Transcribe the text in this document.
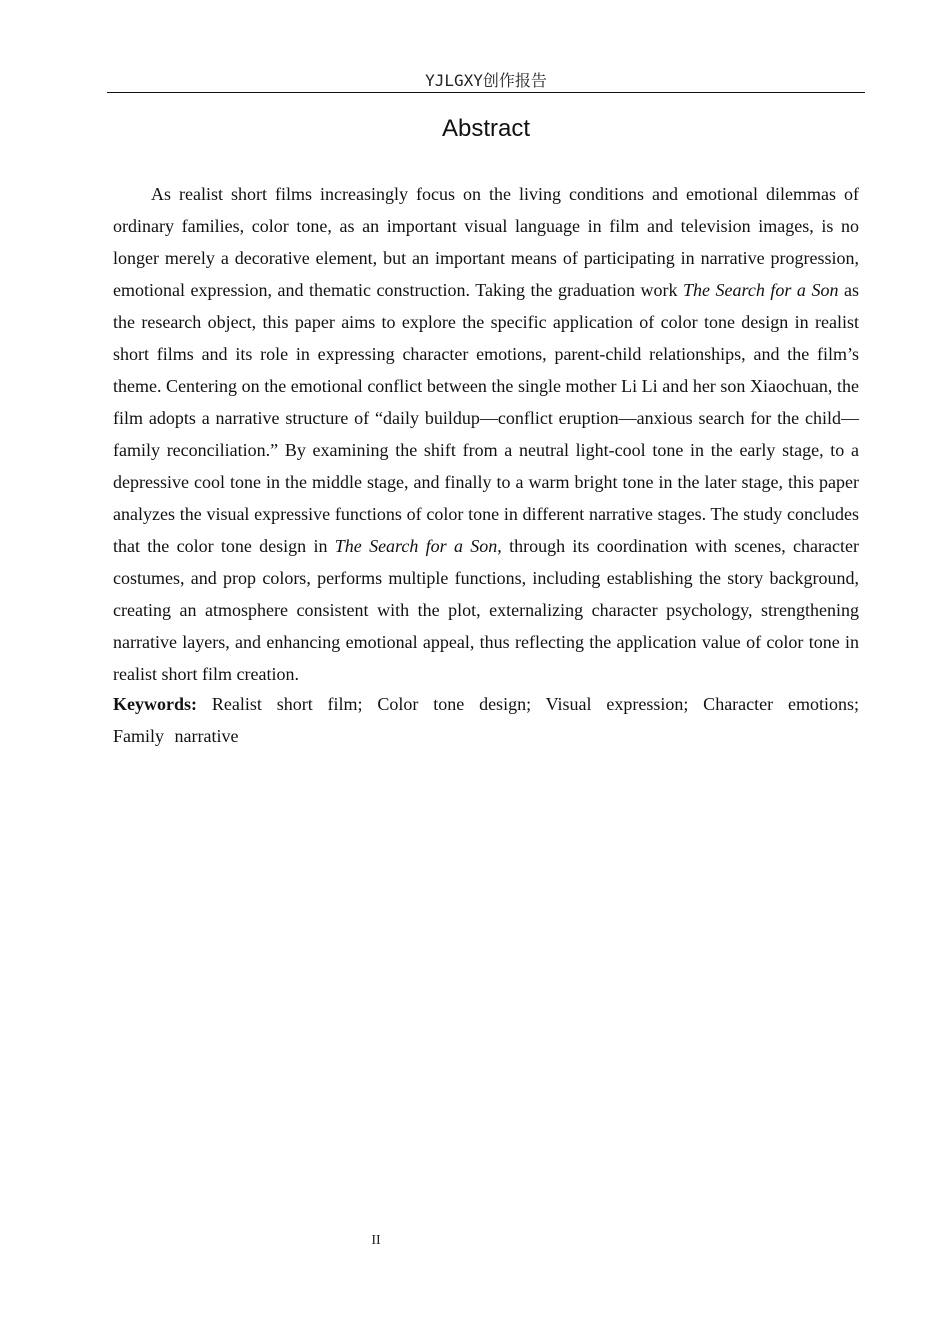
YJLGXY创作报告
Abstract

As realist short films increasingly focus on the living conditions and emotional dilemmas of ordinary families, color tone, as an important visual language in film and television images, is no longer merely a decorative element, but an important means of participating in narrative progression, emotional expression, and thematic construction. Taking the graduation work The Search for a Son as the research object, this paper aims to explore the specific application of color tone design in realist short films and its role in expressing character emotions, parent-child relationships, and the film’s theme. Centering on the emotional conflict between the single mother Li Li and her son Xiaochuan, the film adopts a narrative structure of “daily buildup—conflict eruption—anxious search for the child—family reconciliation.” By examining the shift from a neutral light-cool tone in the early stage, to a depressive cool tone in the middle stage, and finally to a warm bright tone in the later stage, this paper analyzes the visual expressive functions of color tone in different narrative stages. The study concludes that the color tone design in The Search for a Son, through its coordination with scenes, character costumes, and prop colors, performs multiple functions, including establishing the story background, creating an atmosphere consistent with the plot, externalizing character psychology, strengthening narrative layers, and enhancing emotional appeal, thus reflecting the application value of color tone in realist short film creation.

Keywords: Realist short film; Color tone design; Visual expression; Character emotions; Family narrative

II
